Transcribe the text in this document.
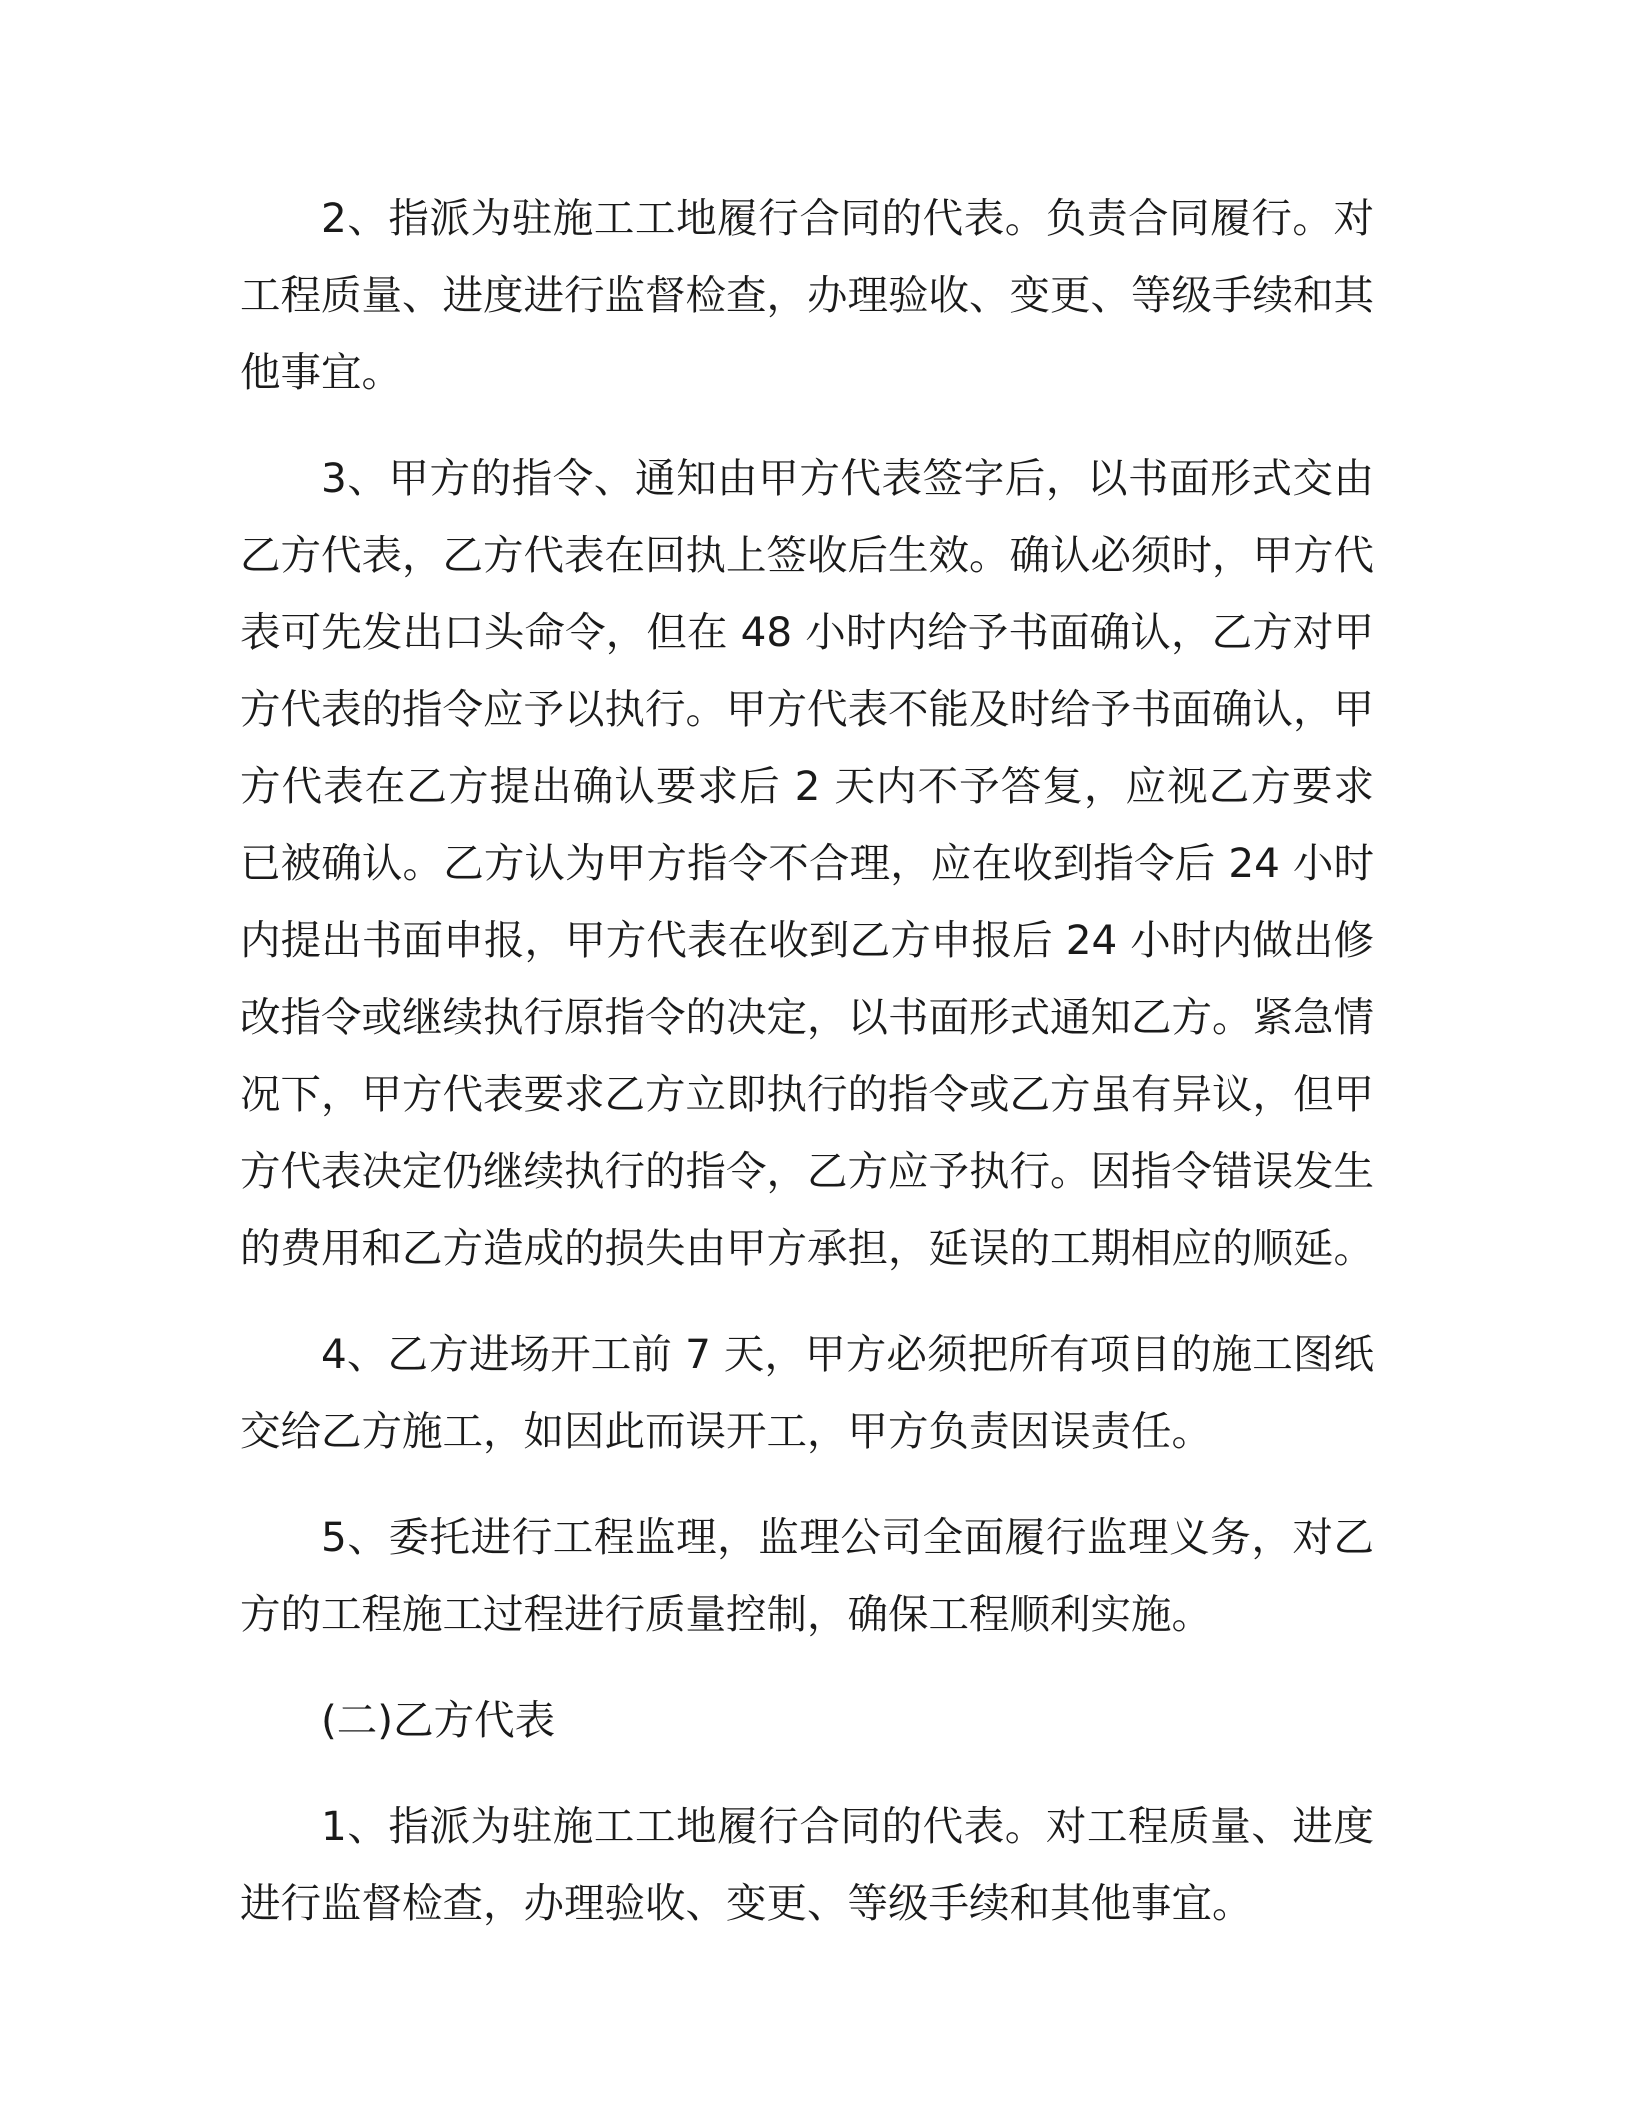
2、指派为驻施工工地履行合同的代表。负责合同履行。对工程质量、进度进行监督检查，办理验收、变更、等级手续和其他事宜。

3、甲方的指令、通知由甲方代表签字后，以书面形式交由乙方代表，乙方代表在回执上签收后生效。确认必须时，甲方代表可先发出口头命令，但在 48 小时内给予书面确认，乙方对甲方代表的指令应予以执行。甲方代表不能及时给予书面确认，甲方代表在乙方提出确认要求后 2 天内不予答复，应视乙方要求已被确认。乙方认为甲方指令不合理，应在收到指令后 24 小时内提出书面申报，甲方代表在收到乙方申报后 24 小时内做出修改指令或继续执行原指令的决定，以书面形式通知乙方。紧急情况下，甲方代表要求乙方立即执行的指令或乙方虽有异议，但甲方代表决定仍继续执行的指令，乙方应予执行。因指令错误发生的费用和乙方造成的损失由甲方承担，延误的工期相应的顺延。

4、乙方进场开工前 7 天，甲方必须把所有项目的施工图纸交给乙方施工，如因此而误开工，甲方负责因误责任。

5、委托进行工程监理，监理公司全面履行监理义务，对乙方的工程施工过程进行质量控制，确保工程顺利实施。

(二)乙方代表

1、指派为驻施工工地履行合同的代表。对工程质量、进度进行监督检查，办理验收、变更、等级手续和其他事宜。
